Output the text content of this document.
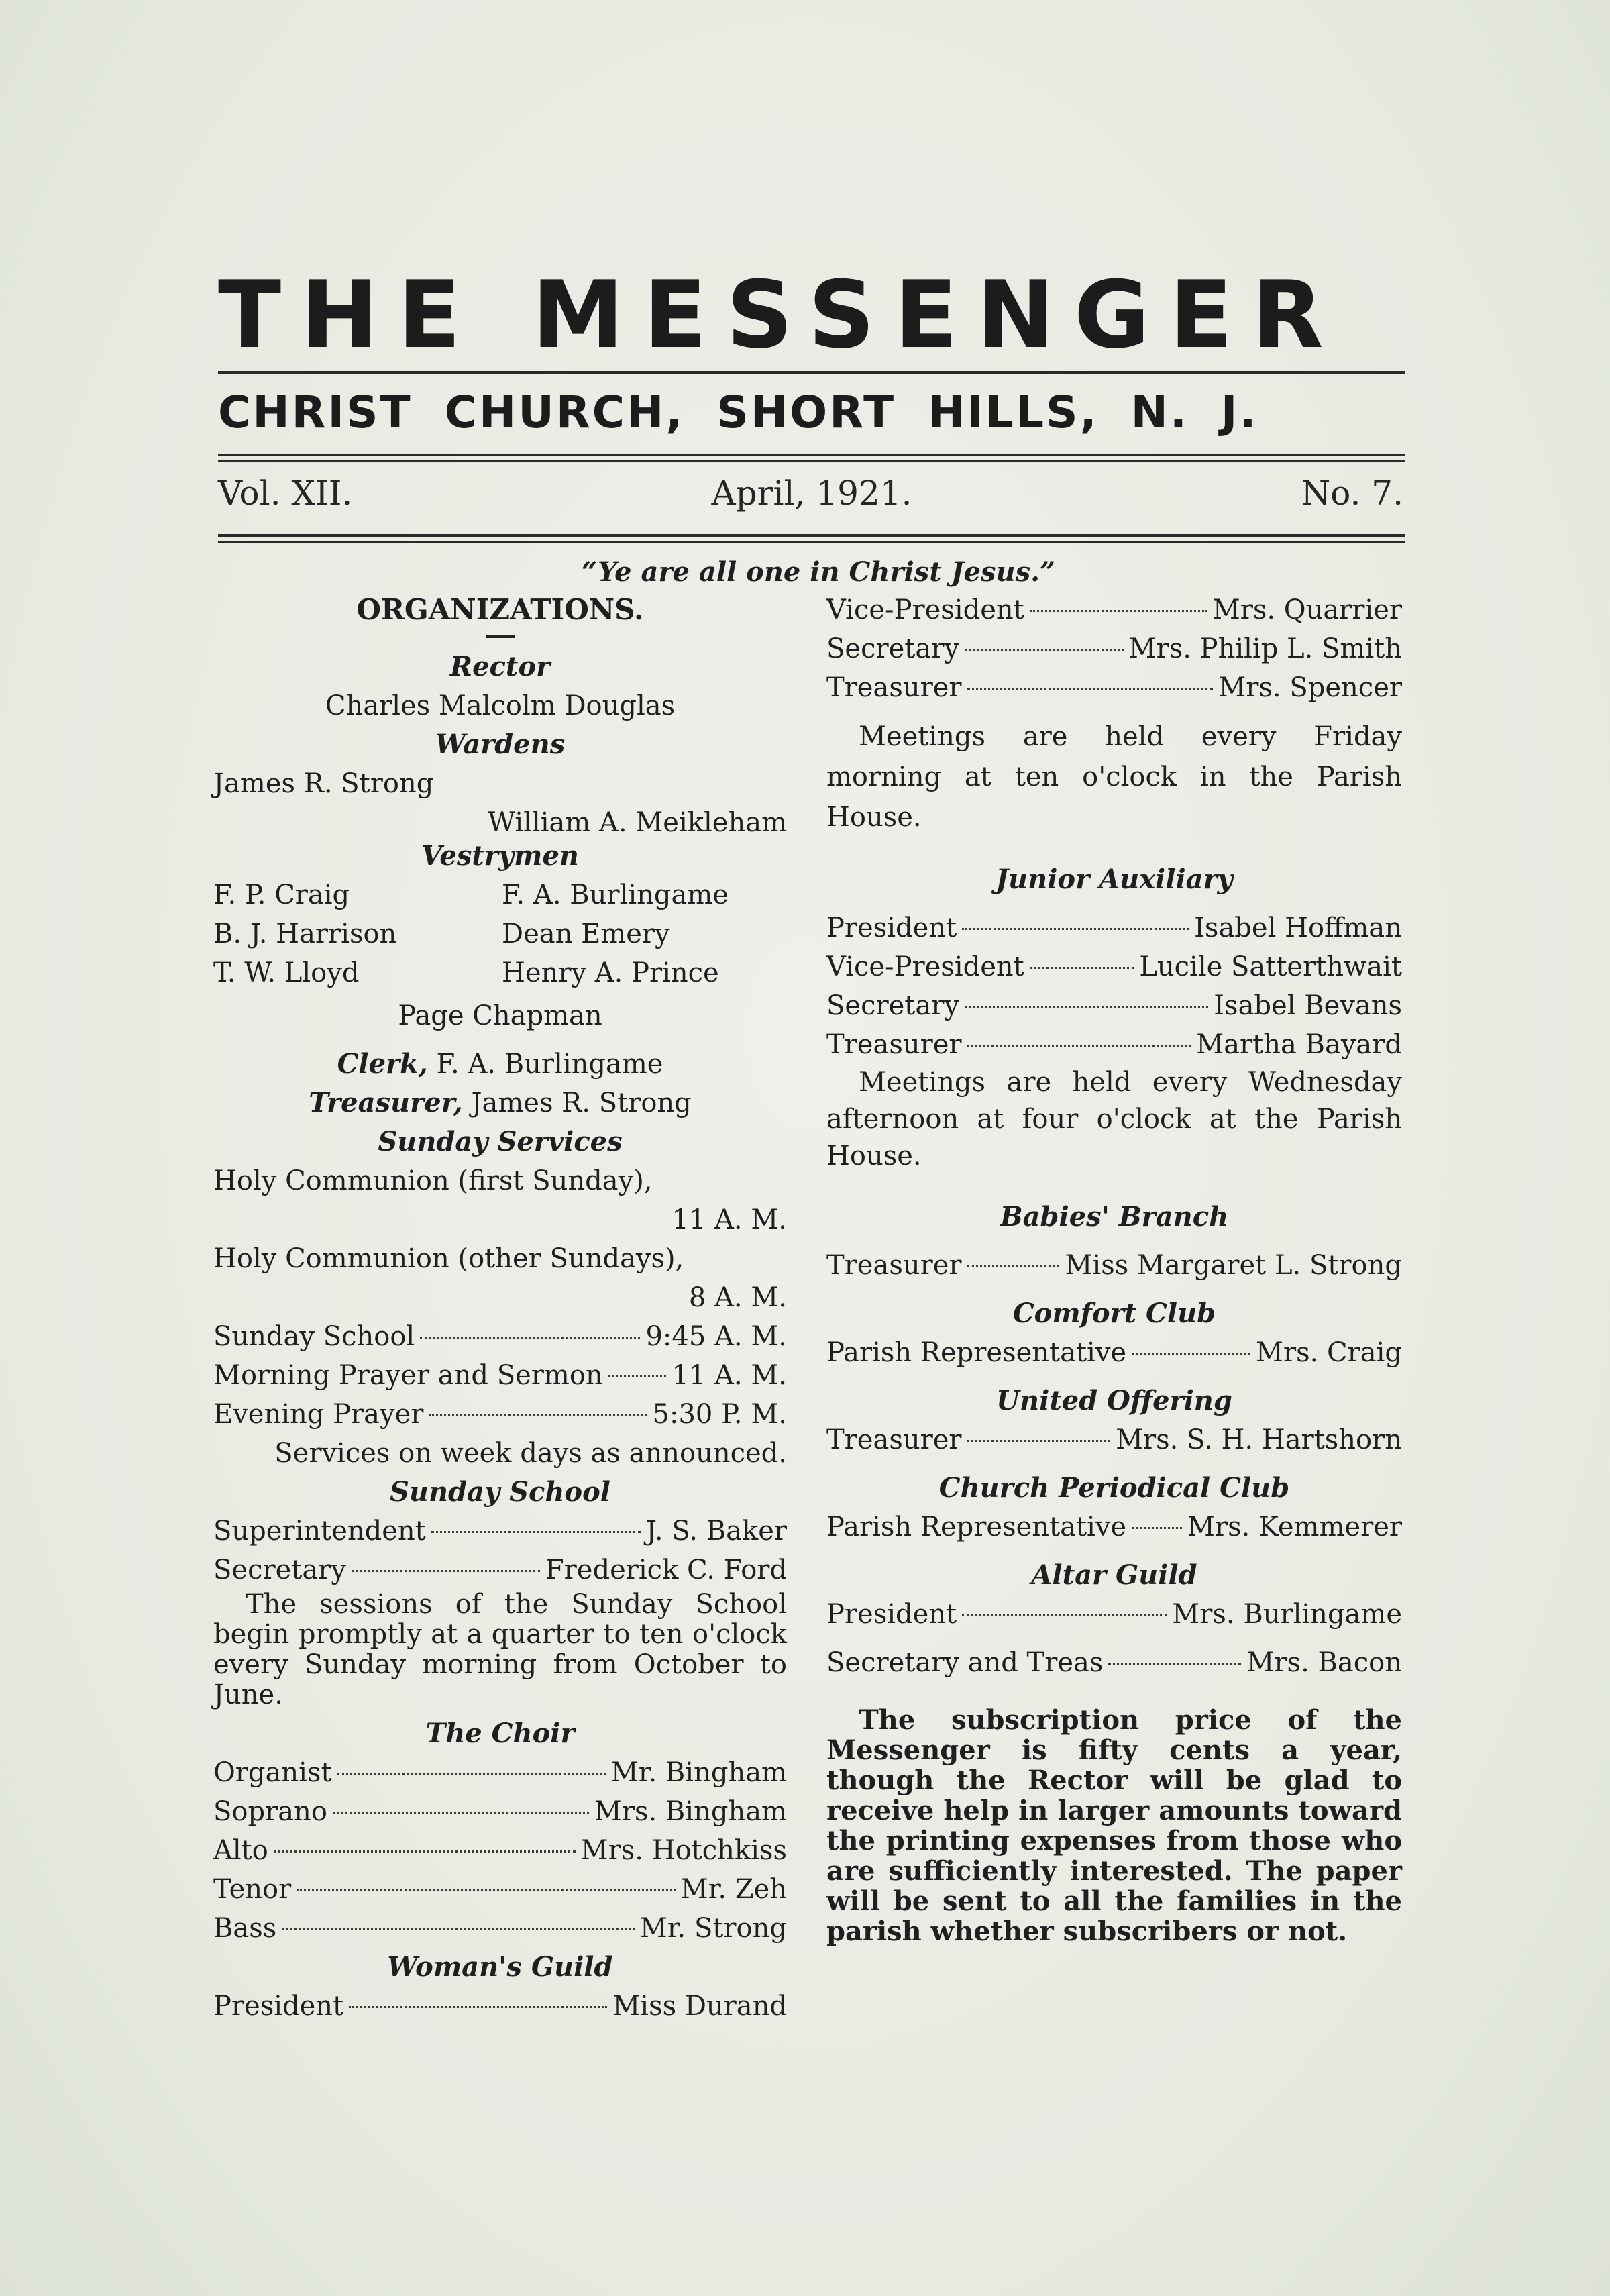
THE MESSENGER
CHRIST CHURCH, SHORT HILLS, N. J.
Vol. XII.	April, 1921.	No. 7.
“Ye are all one in Christ Jesus.”
ORGANIZATIONS.
Rector
Charles Malcolm Douglas
Wardens
James R. Strong
William A. Meikleham
Vestrymen
F. P. Craig	F. A. Burlingame
B. J. Harrison	Dean Emery
T. W. Lloyd	Henry A. Prince
Page Chapman
Clerk, F. A. Burlingame
Treasurer, James R. Strong
Sunday Services
Holy Communion (first Sunday),
11 A. M.
Holy Communion (other Sundays),
8 A. M.
Sunday School	9:45 A. M.
Morning Prayer and Sermon	11 A. M.
Evening Prayer	5:30 P. M.
Services on week days as announced.
Sunday School
Superintendent	J. S. Baker
Secretary	Frederick C. Ford
The sessions of the Sunday School begin promptly at a quarter to ten o'clock every Sunday morning from October to June.
The Choir
Organist	Mr. Bingham
Soprano	Mrs. Bingham
Alto	Mrs. Hotchkiss
Tenor	Mr. Zeh
Bass	Mr. Strong
Woman's Guild
President	Miss Durand
Vice-President	Mrs. Quarrier
Secretary	Mrs. Philip L. Smith
Treasurer	Mrs. Spencer
Meetings are held every Friday morning at ten o'clock in the Parish House.
Junior Auxiliary
President	Isabel Hoffman
Vice-President	Lucile Satterthwait
Secretary	Isabel Bevans
Treasurer	Martha Bayard
Meetings are held every Wednesday afternoon at four o'clock at the Parish House.
Babies' Branch
Treasurer	Miss Margaret L. Strong
Comfort Club
Parish Representative	Mrs. Craig
United Offering
Treasurer	Mrs. S. H. Hartshorn
Church Periodical Club
Parish Representative Mrs. Kemmerer
Altar Guild
President	Mrs. Burlingame
Secretary and Treas	Mrs. Bacon
The subscription price of the Messenger is fifty cents a year, though the Rector will be glad to receive help in larger amounts toward the printing expenses from those who are sufficiently interested. The paper will be sent to all the families in the parish whether subscribers or not.
